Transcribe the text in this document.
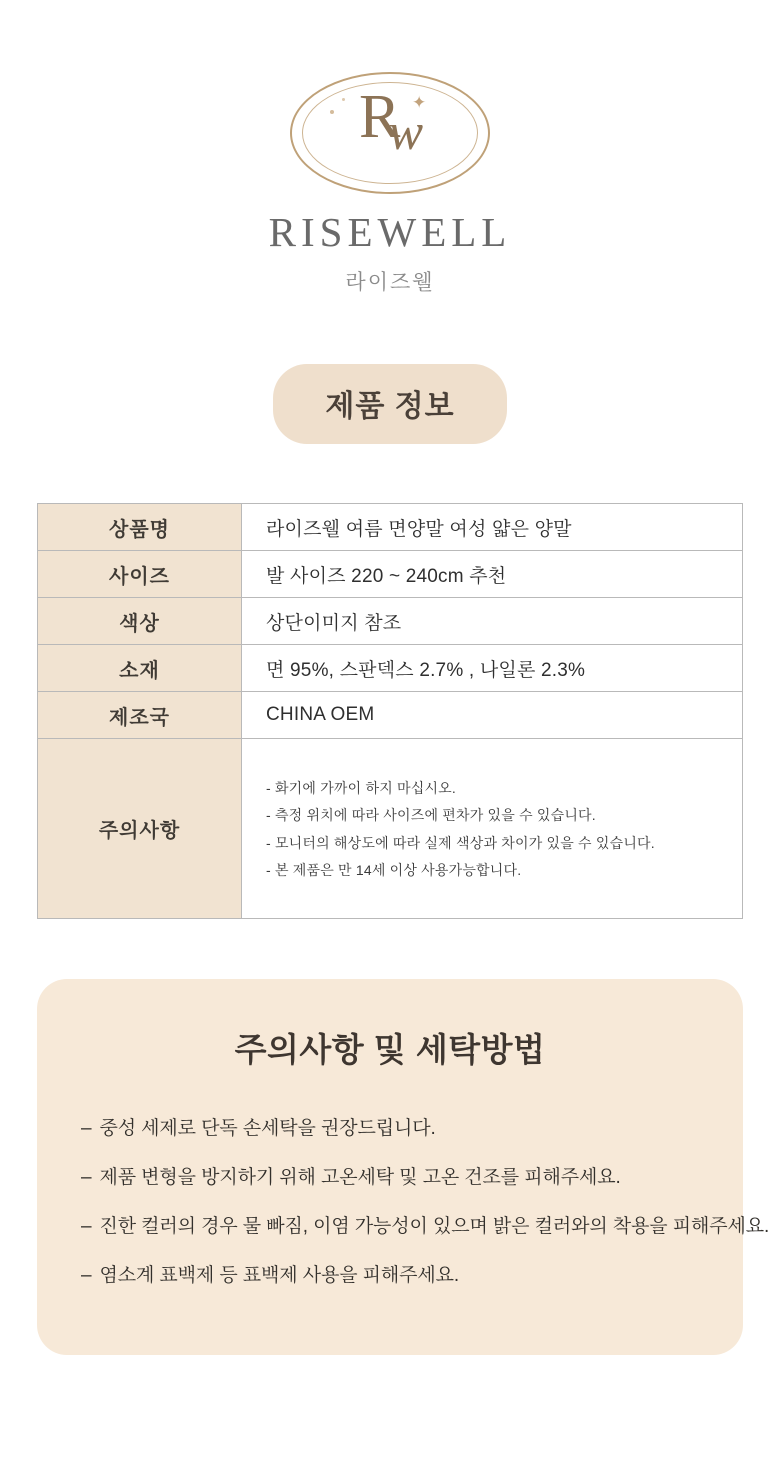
Rw
✦
RISEWELL
라이즈웰
제품 정보
상품명	라이즈웰 여름 면양말 여성 얇은 양말
사이즈	발 사이즈 220 ~ 240cm 추천
색상	상단이미지 참조
소재	면 95%, 스판덱스 2.7% , 나일론 2.3%
제조국	CHINA OEM
주의사항	
- 화기에 가까이 하지 마십시오.
- 측정 위치에 따라 사이즈에 편차가 있을 수 있습니다.
- 모니터의 해상도에 따라 실제 색상과 차이가 있을 수 있습니다.
- 본 제품은 만 14세 이상 사용가능합니다.
주의사항 및 세탁방법
– 중성 세제로 단독 손세탁을 권장드립니다.
– 제품 변형을 방지하기 위해 고온세탁 및 고온 건조를 피해주세요.
– 진한 컬러의 경우 물 빠짐, 이염 가능성이 있으며 밝은 컬러와의 착용을 피해주세요.
– 염소계 표백제 등 표백제 사용을 피해주세요.
